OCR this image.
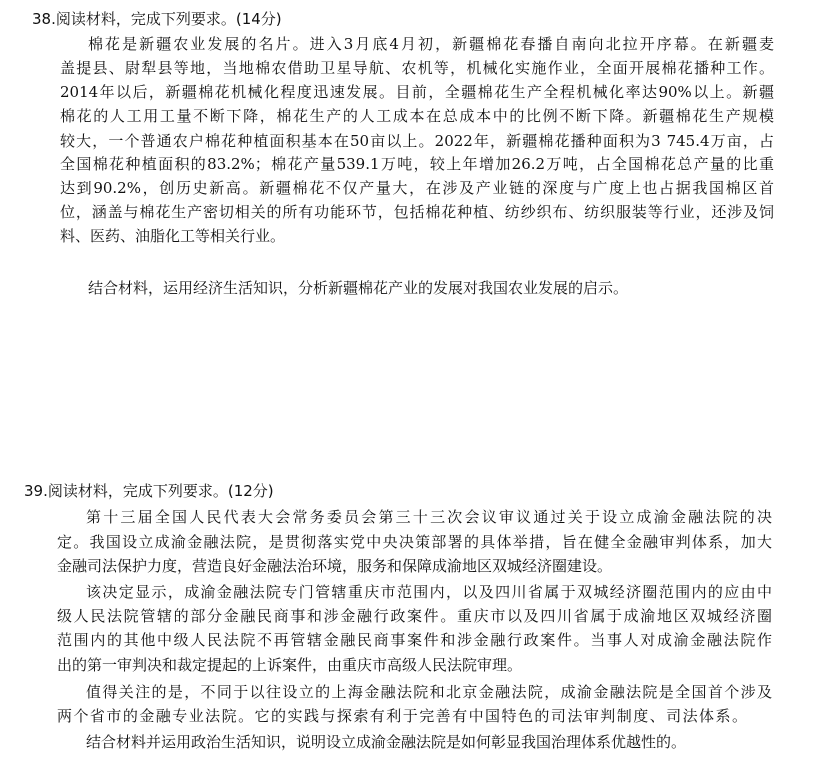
38.阅读材料，完成下列要求。(14分)
棉花是新疆农业发展的名片。进入3月底4月初，新疆棉花春播自南向北拉开序幕。在新疆麦
盖提县、尉犁县等地，当地棉农借助卫星导航、农机等，机械化实施作业，全面开展棉花播种工作。
2014年以后，新疆棉花机械化程度迅速发展。目前，全疆棉花生产全程机械化率达90%以上。新疆
棉花的人工用工量不断下降，棉花生产的人工成本在总成本中的比例不断下降。新疆棉花生产规模
较大，一个普通农户棉花种植面积基本在50亩以上。2022年，新疆棉花播种面积为3 745.4万亩，占
全国棉花种植面积的83.2%；棉花产量539.1万吨，较上年增加26.2万吨，占全国棉花总产量的比重
达到90.2%，创历史新高。新疆棉花不仅产量大，在涉及产业链的深度与广度上也占据我国棉区首
位，涵盖与棉花生产密切相关的所有功能环节，包括棉花种植、纺纱织布、纺织服装等行业，还涉及饲
料、医药、油脂化工等相关行业。
结合材料，运用经济生活知识，分析新疆棉花产业的发展对我国农业发展的启示。
39.阅读材料，完成下列要求。(12分)
第十三届全国人民代表大会常务委员会第三十三次会议审议通过关于设立成渝金融法院的决
定。我国设立成渝金融法院，是贯彻落实党中央决策部署的具体举措，旨在健全金融审判体系，加大
金融司法保护力度，营造良好金融法治环境，服务和保障成渝地区双城经济圈建设。
该决定显示，成渝金融法院专门管辖重庆市范围内，以及四川省属于双城经济圈范围内的应由中
级人民法院管辖的部分金融民商事和涉金融行政案件。重庆市以及四川省属于成渝地区双城经济圈
范围内的其他中级人民法院不再管辖金融民商事案件和涉金融行政案件。当事人对成渝金融法院作
出的第一审判决和裁定提起的上诉案件，由重庆市高级人民法院审理。
值得关注的是，不同于以往设立的上海金融法院和北京金融法院，成渝金融法院是全国首个涉及
两个省市的金融专业法院。它的实践与探索有利于完善有中国特色的司法审判制度、司法体系。
结合材料并运用政治生活知识，说明设立成渝金融法院是如何彰显我国治理体系优越性的。
